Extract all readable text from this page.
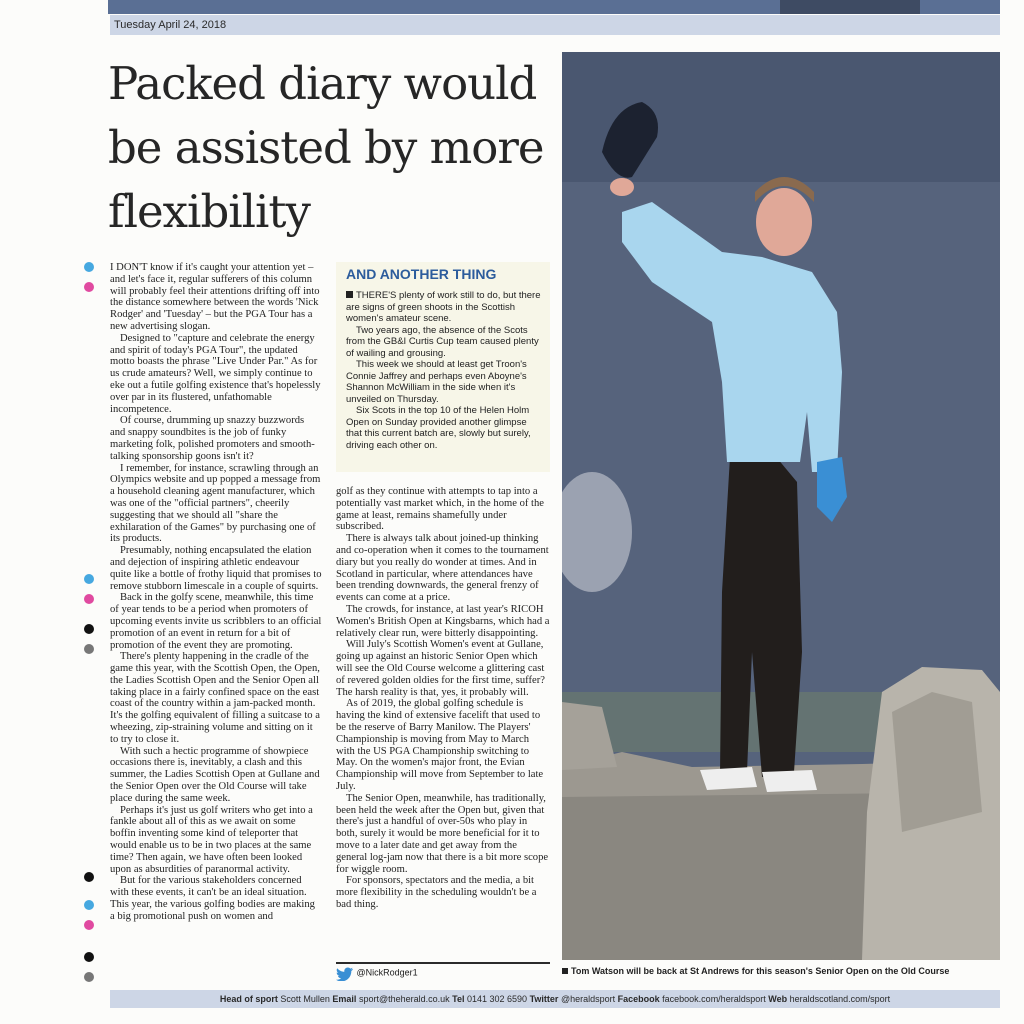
Tuesday April 24, 2018
Packed diary would be assisted by more flexibility

I DON'T know if it's caught your attention yet – and let's face it, regular sufferers of this column will probably feel their attentions drifting off into the distance somewhere between the words 'Nick Rodger' and 'Tuesday' – but the PGA Tour has a new advertising slogan.

Designed to "capture and celebrate the energy and spirit of today's PGA Tour", the updated motto boasts the phrase "Live Under Par." As for us crude amateurs? Well, we simply continue to eke out a futile golfing existence that's hopelessly over par in its flustered, unfathomable incompetence.

Of course, drumming up snazzy buzzwords and snappy soundbites is the job of funky marketing folk, polished promoters and smooth-talking sponsorship goons isn't it?

I remember, for instance, scrawling through an Olympics website and up popped a message from a household cleaning agent manufacturer, which was one of the "official partners", cheerily suggesting that we should all "share the exhilaration of the Games" by purchasing one of its products.

Presumably, nothing encapsulated the elation and dejection of inspiring athletic endeavour quite like a bottle of frothy liquid that promises to remove stubborn limescale in a couple of squirts.

Back in the golfy scene, meanwhile, this time of year tends to be a period when promoters of upcoming events invite us scribblers to an official promotion of an event in return for a bit of promotion of the event they are promoting.

There's plenty happening in the cradle of the game this year, with the Scottish Open, the Open, the Ladies Scottish Open and the Senior Open all taking place in a fairly confined space on the east coast of the country within a jam-packed month. It's the golfing equivalent of filling a suitcase to a wheezing, zip-straining volume and sitting on it to try to close it.

With such a hectic programme of showpiece occasions there is, inevitably, a clash and this summer, the Ladies Scottish Open at Gullane and the Senior Open over the Old Course will take place during the same week.

Perhaps it's just us golf writers who get into a fankle about all of this as we await on some boffin inventing some kind of teleporter that would enable us to be in two places at the same time? Then again, we have often been looked upon as absurdities of paranormal activity.

But for the various stakeholders concerned with these events, it can't be an ideal situation. This year, the various golfing bodies are making a big promotional push on women and

AND ANOTHER THING

THERE'S plenty of work still to do, but there are signs of green shoots in the Scottish women's amateur scene.

Two years ago, the absence of the Scots from the GB&I Curtis Cup team caused plenty of wailing and grousing.

This week we should at least get Troon's Connie Jaffrey and perhaps even Aboyne's Shannon McWilliam in the side when it's unveiled on Thursday.

Six Scots in the top 10 of the Helen Holm Open on Sunday provided another glimpse that this current batch are, slowly but surely, driving each other on.

golf as they continue with attempts to tap into a potentially vast market which, in the home of the game at least, remains shamefully under subscribed.

There is always talk about joined-up thinking and co-operation when it comes to the tournament diary but you really do wonder at times. And in Scotland in particular, where attendances have been trending downwards, the general frenzy of events can come at a price.

The crowds, for instance, at last year's RICOH Women's British Open at Kingsbarns, which had a relatively clear run, were bitterly disappointing.

Will July's Scottish Women's event at Gullane, going up against an historic Senior Open which will see the Old Course welcome a glittering cast of revered golden oldies for the first time, suffer? The harsh reality is that, yes, it probably will.

As of 2019, the global golfing schedule is having the kind of extensive facelift that used to be the reserve of Barry Manilow. The Players' Championship is moving from May to March with the US PGA Championship switching to May. On the women's major front, the Evian Championship will move from September to late July.

The Senior Open, meanwhile, has traditionally, been held the week after the Open but, given that there's just a handful of over-50s who play in both, surely it would be more beneficial for it to move to a later date and get away from the general log-jam now that there is a bit more scope for wiggle room.

For sponsors, spectators and the media, a bit more flexibility in the scheduling wouldn't be a bad thing.

@NickRodger1	Tom Watson will be back at St Andrews for this season's Senior Open on the Old Course
Head of sport Scott Mullen Email sport@theherald.co.uk Tel 0141 302 6590 Twitter @heraldsport Facebook facebook.com/heraldsport Web heraldscotland.com/sport
